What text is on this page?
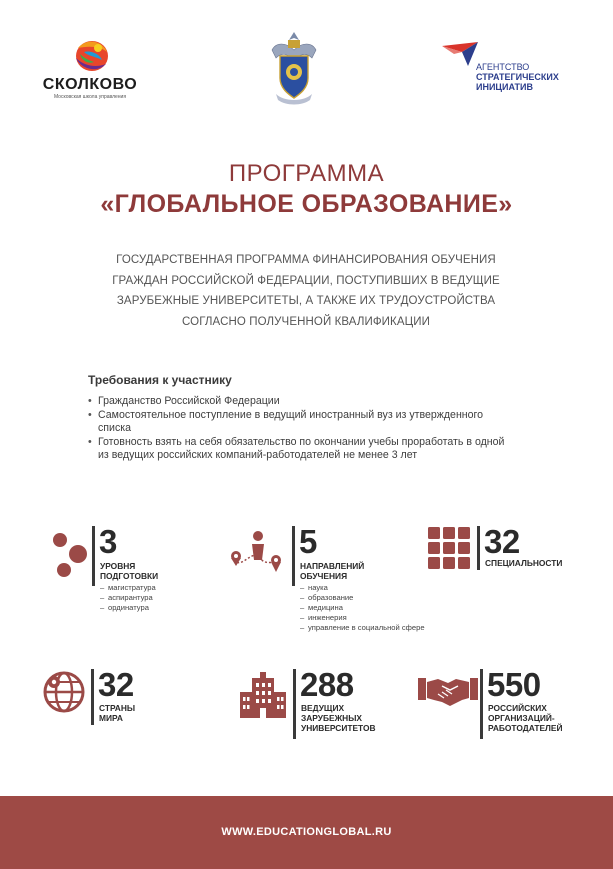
СКОЛКОВО
Московская школа управления
АГЕНТСТВО
СТРАТЕГИЧЕСКИХ
ИНИЦИАТИВ
ПРОГРАММА
«ГЛОБАЛЬНОЕ ОБРАЗОВАНИЕ»
ГОСУДАРСТВЕННАЯ ПРОГРАММА ФИНАНСИРОВАНИЯ ОБУЧЕНИЯ
ГРАЖДАН РОССИЙСКОЙ ФЕДЕРАЦИИ, ПОСТУПИВШИХ В ВЕДУЩИЕ
ЗАРУБЕЖНЫЕ УНИВЕРСИТЕТЫ, А ТАКЖЕ ИХ ТРУДОУСТРОЙСТВА
СОГЛАСНО ПОЛУЧЕННОЙ КВАЛИФИКАЦИИ
Требования к участнику
• Гражданство Российской Федерации
• Самостоятельное поступление в ведущий иностранный вуз из утвержденного списка
• Готовность взять на себя обязательство по окончании учебы проработать в одной из ведущих российских компаний-работодателей не менее 3 лет
3
УРОВНЯ
ПОДГОТОВКИ
– магистратура
– аспирантура
– ординатура
5
НАПРАВЛЕНИЙ
ОБУЧЕНИЯ
– наука
– образование
– медицина
– инженерия
– управление в социальной сфере
32
СПЕЦИАЛЬНОСТИ
32
СТРАНЫ
МИРА
288
ВЕДУЩИХ
ЗАРУБЕЖНЫХ
УНИВЕРСИТЕТОВ
550
РОССИЙСКИХ
ОРГАНИЗАЦИЙ-
РАБОТОДАТЕЛЕЙ
WWW.EDUCATIONGLOBAL.RU
